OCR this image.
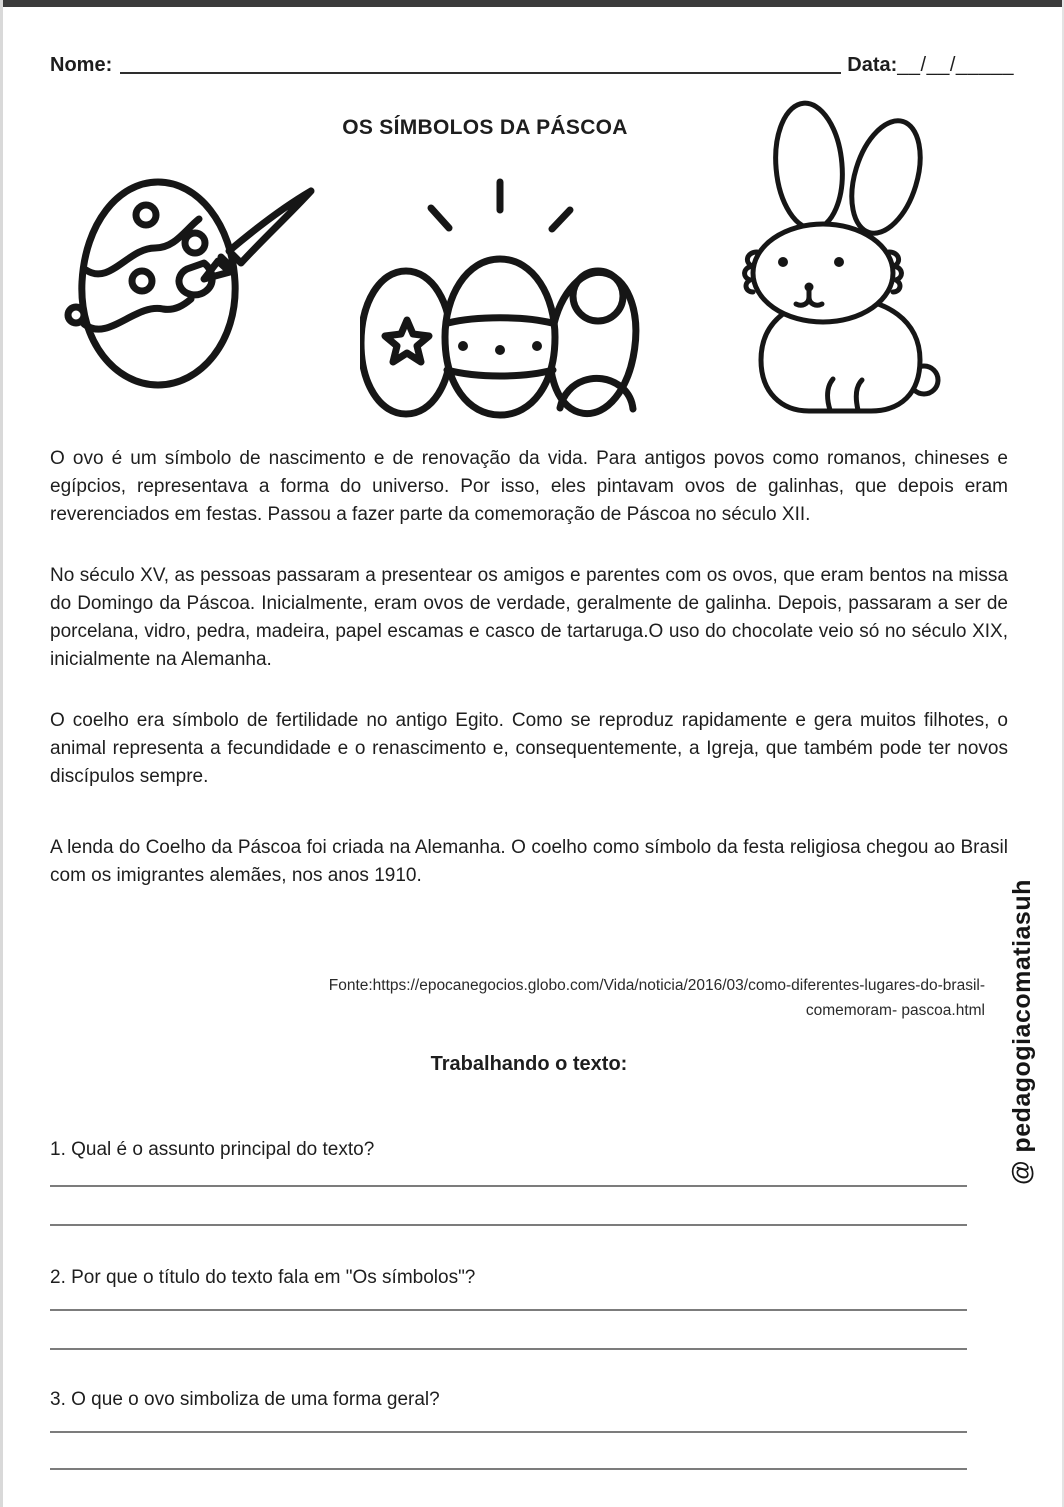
Nome:	Data: __/__/_____
OS SÍMBOLOS DA PÁSCOA

O ovo é um símbolo de nascimento e de renovação da vida. Para antigos povos como romanos, chineses e egípcios, representava a forma do universo. Por isso, eles pintavam ovos de galinhas, que depois eram reverenciados em festas. Passou a fazer parte da comemoração de Páscoa no século XII.

No século XV, as pessoas passaram a presentear os amigos e parentes com os ovos, que eram bentos na missa do Domingo da Páscoa. Inicialmente, eram ovos de verdade, geralmente de galinha. Depois, passaram a ser de porcelana, vidro, pedra, madeira, papel escamas e casco de tartaruga.O uso do chocolate veio só no século XIX, inicialmente na Alemanha.

O coelho era símbolo de fertilidade no antigo Egito. Como se reproduz rapidamente e gera muitos filhotes, o animal representa a fecundidade e o renascimento e, consequentemente, a Igreja, que também pode ter novos discípulos sempre.

A lenda do Coelho da Páscoa foi criada na Alemanha. O coelho como símbolo da festa religiosa chegou ao Brasil com os imigrantes alemães, nos anos 1910.

Fonte:https://epocanegocios.globo.com/Vida/noticia/2016/03/como-diferentes-lugares-do-brasil-
comemoram- pascoa.html
Trabalhando o texto:

1. Qual é o assunto principal do texto?

2. Por que o título do texto fala em "Os símbolos"?

3. O que o ovo simboliza de uma forma geral?

@ pedagogiacomatiasuh
